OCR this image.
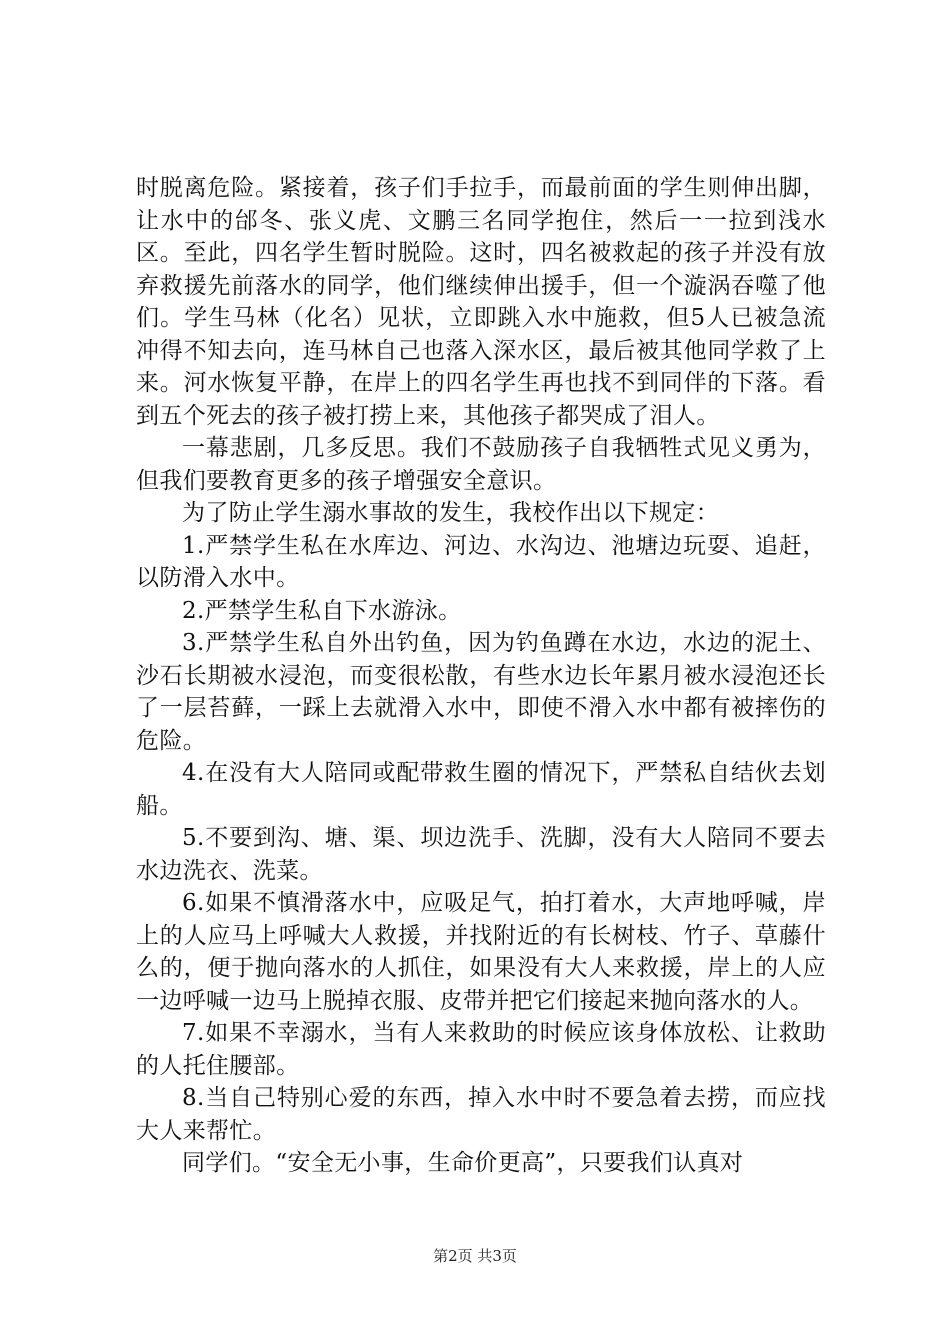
时脱离危险。紧接着，孩子们手拉手，而最前面的学生则伸出脚，让水中的邰冬、张义虎、文鹏三名同学抱住，然后一一拉到浅水区。至此，四名学生暂时脱险。这时，四名被救起的孩子并没有放弃救援先前落水的同学，他们继续伸出援手，但一个漩涡吞噬了他们。学生马林（化名）见状，立即跳入水中施救，但5人已被急流冲得不知去向，连马林自己也落入深水区，最后被其他同学救了上来。河水恢复平静，在岸上的四名学生再也找不到同伴的下落。看到五个死去的孩子被打捞上来，其他孩子都哭成了泪人。

一幕悲剧，几多反思。我们不鼓励孩子自我牺牲式见义勇为，但我们要教育更多的孩子增强安全意识。

为了防止学生溺水事故的发生，我校作出以下规定：

1.严禁学生私在水库边、河边、水沟边、池塘边玩耍、追赶，以防滑入水中。

2.严禁学生私自下水游泳。

3.严禁学生私自外出钓鱼，因为钓鱼蹲在水边，水边的泥土、沙石长期被水浸泡，而变很松散，有些水边长年累月被水浸泡还长了一层苔藓，一踩上去就滑入水中，即使不滑入水中都有被摔伤的危险。

4.在没有大人陪同或配带救生圈的情况下，严禁私自结伙去划船。

5.不要到沟、塘、渠、坝边洗手、洗脚，没有大人陪同不要去水边洗衣、洗菜。

6.如果不慎滑落水中，应吸足气，拍打着水，大声地呼喊，岸上的人应马上呼喊大人救援，并找附近的有长树枝、竹子、草藤什么的，便于抛向落水的人抓住，如果没有大人来救援，岸上的人应一边呼喊一边马上脱掉衣服、皮带并把它们接起来抛向落水的人。

7.如果不幸溺水，当有人来救助的时候应该身体放松、让救助的人托住腰部。

8.当自己特别心爱的东西，掉入水中时不要急着去捞，而应找大人来帮忙。

同学们。“安全无小事，生命价更高”，只要我们认真对

第2页 共3页
